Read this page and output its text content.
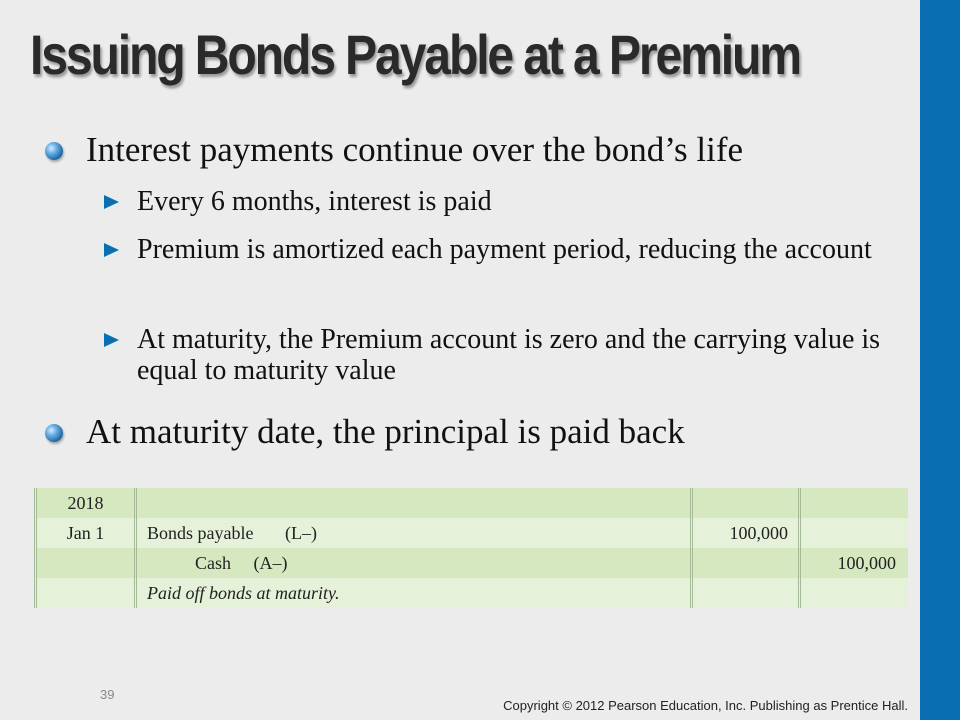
Issuing Bonds Payable at a Premium
Interest payments continue over the bond’s life
Every 6 months, interest is paid
Premium is amortized each payment period, reducing the account
At maturity, the Premium account is zero and the carrying value is equal to maturity value
At maturity date, the principal is paid back
2018			
Jan 1	Bonds payable       (L–)	100,000	
	Cash     (A–)		100,000
	Paid off bonds at maturity.		
39
Copyright © 2012 Pearson Education, Inc. Publishing as Prentice Hall.
